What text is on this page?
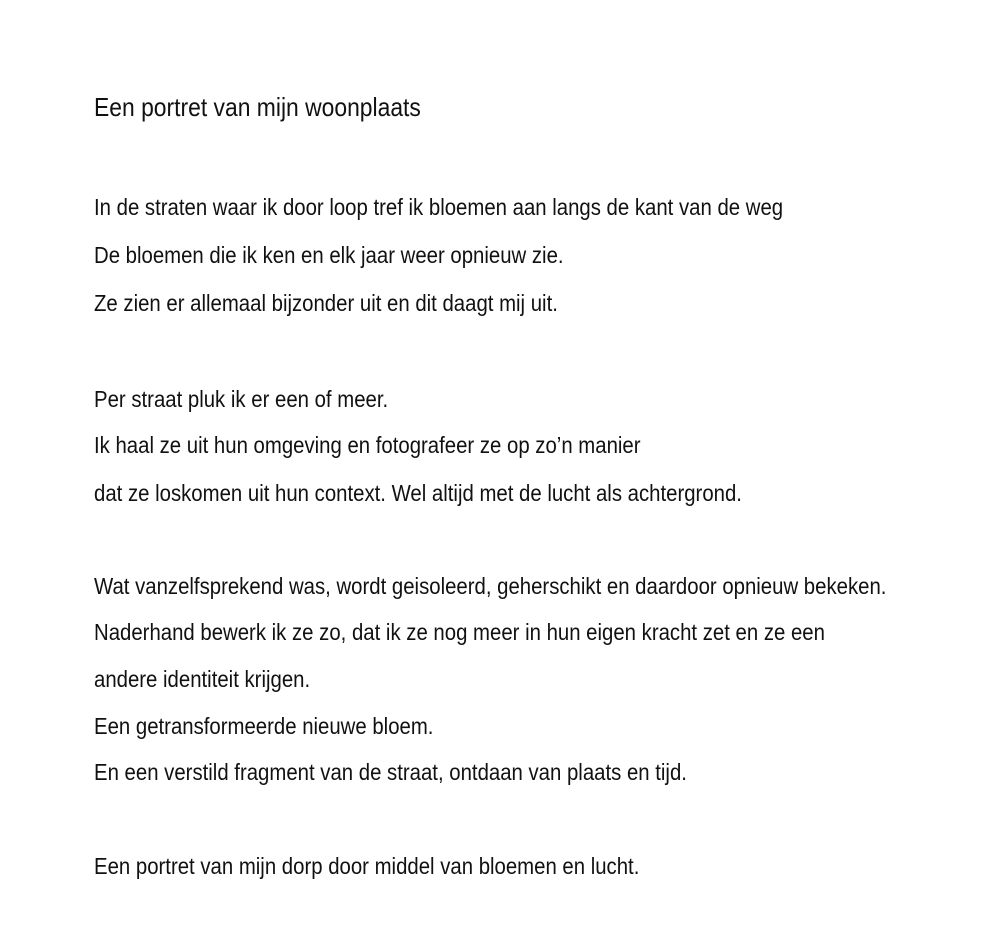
Een portret van mijn woonplaats

In de straten waar ik door loop tref ik bloemen aan langs de kant van de weg

De bloemen die ik ken en elk jaar weer opnieuw zie.

Ze zien er allemaal bijzonder uit en dit daagt mij uit.

Per straat pluk ik er een of meer.

Ik haal ze uit hun omgeving en fotografeer ze op zo’n manier

dat ze loskomen uit hun context. Wel altijd met de lucht als achtergrond.

Wat vanzelfsprekend was, wordt geisoleerd, geherschikt en daardoor opnieuw bekeken.

Naderhand bewerk ik ze zo, dat ik ze nog meer in hun eigen kracht zet en ze een

andere identiteit krijgen.

Een getransformeerde nieuwe bloem.

En een verstild fragment van de straat, ontdaan van plaats en tijd.

Een portret van mijn dorp door middel van bloemen en lucht.
